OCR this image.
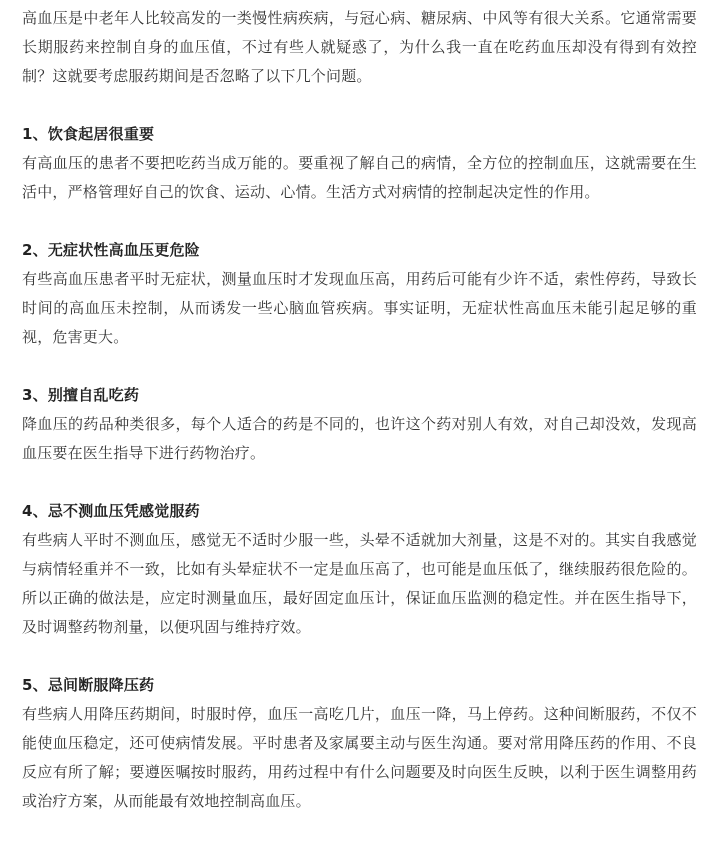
高血压是中老年人比较高发的一类慢性病疾病，与冠心病、糖尿病、中风等有很大关系。它通常需要长期服药来控制自身的血压值，不过有些人就疑惑了，为什么我一直在吃药血压却没有得到有效控制？这就要考虑服药期间是否忽略了以下几个问题。

1、饮食起居很重要

有高血压的患者不要把吃药当成万能的。要重视了解自己的病情，全方位的控制血压，这就需要在生活中，严格管理好自己的饮食、运动、心情。生活方式对病情的控制起决定性的作用。

2、无症状性高血压更危险

有些高血压患者平时无症状，测量血压时才发现血压高，用药后可能有少许不适，索性停药，导致长时间的高血压未控制，从而诱发一些心脑血管疾病。事实证明，无症状性高血压未能引起足够的重视，危害更大。

3、别擅自乱吃药

降血压的药品种类很多，每个人适合的药是不同的，也许这个药对别人有效，对自己却没效，发现高血压要在医生指导下进行药物治疗。

4、忌不测血压凭感觉服药

有些病人平时不测血压，感觉无不适时少服一些，头晕不适就加大剂量，这是不对的。其实自我感觉与病情轻重并不一致，比如有头晕症状不一定是血压高了，也可能是血压低了，继续服药很危险的。所以正确的做法是，应定时测量血压，最好固定血压计，保证血压监测的稳定性。并在医生指导下，及时调整药物剂量，以便巩固与维持疗效。

5、忌间断服降压药

有些病人用降压药期间，时服时停，血压一高吃几片，血压一降，马上停药。这种间断服药，不仅不能使血压稳定，还可使病情发展。平时患者及家属要主动与医生沟通。要对常用降压药的作用、不良反应有所了解；要遵医嘱按时服药，用药过程中有什么问题要及时向医生反映，以利于医生调整用药或治疗方案，从而能最有效地控制高血压。
